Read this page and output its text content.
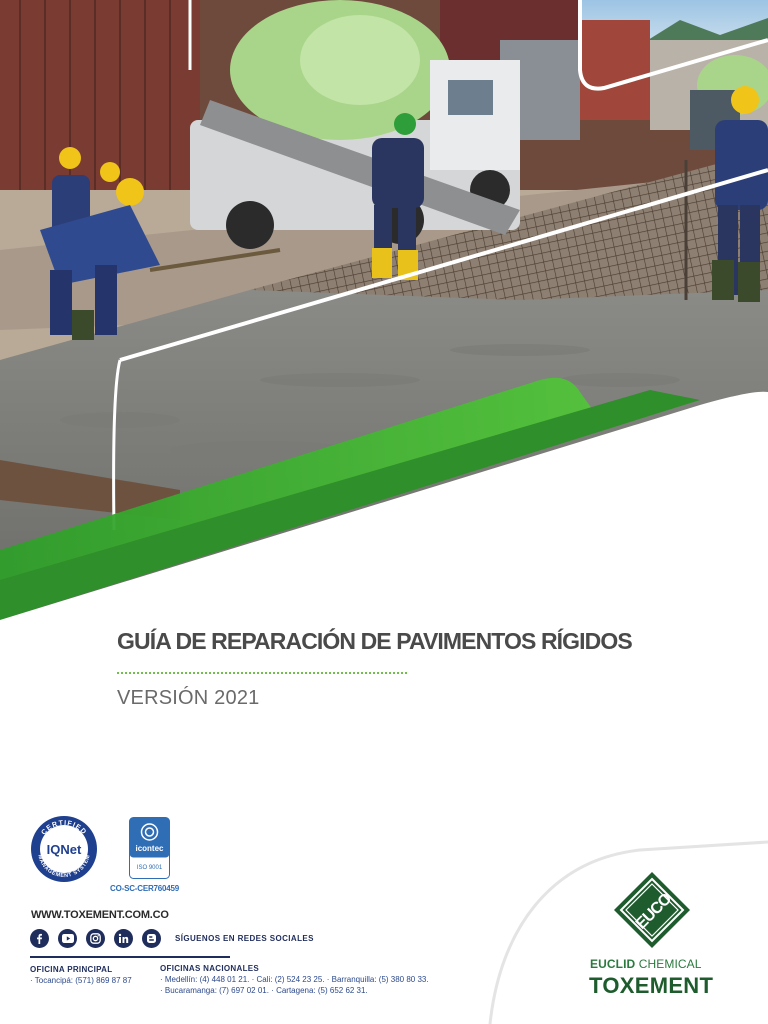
GUÍA DE REPARACIÓN DE PAVIMENTOS RÍGIDOS

VERSIÓN 2021

CERTIFIED
MANAGEMENT SYSTEM
IQNet	icontec
ISO 9001
CO-SC-CER760459
WWW.TOXEMENT.COM.CO
SÍGUENOS EN REDES SOCIALES
OFICINA PRINCIPAL
· Tocancipá: (571) 869 87 87
OFICINAS NACIONALES
· Medellín: (4) 448 01 21. · Cali: (2) 524 23 25. · Barranquilla: (5) 380 80 33.
· Bucaramanga: (7) 697 02 01. · Cartagena: (5) 652 62 31.
EUCO
EUCLID CHEMICAL
TOXEMENT
